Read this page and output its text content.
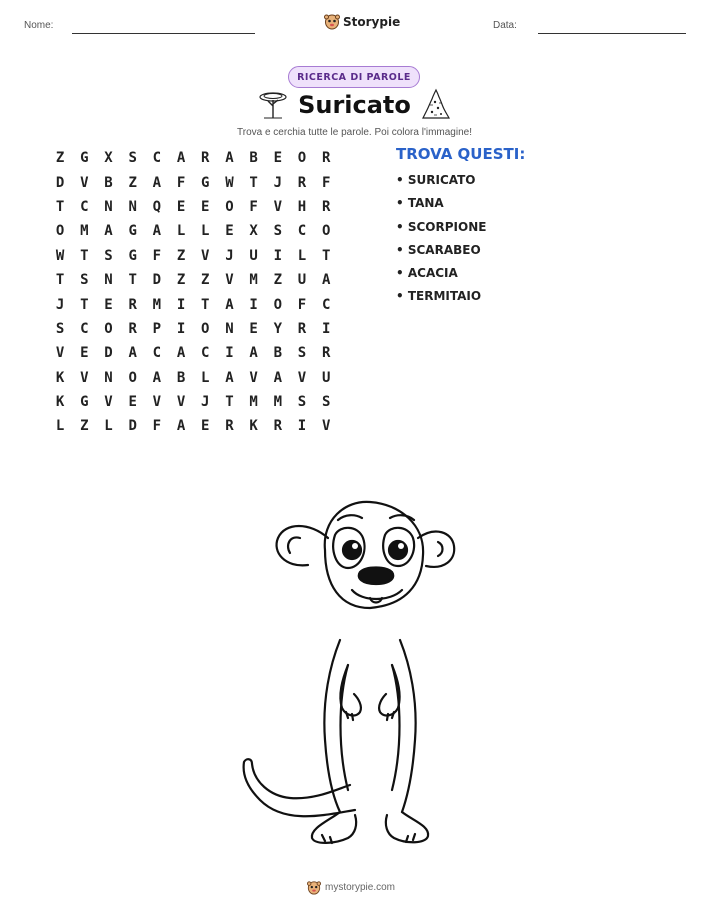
Nome:	Storypie	Data:
RICERCA DI PAROLE
Suricato
Trova e cerchia tutte le parole. Poi colora l'immagine!
Z	G	X	S	C	A	R	A	B	E	O	R
D	V	B	Z	A	F	G	W	T	J	R	F
T	C	N	N	Q	E	E	O	F	V	H	R
O	M	A	G	A	L	L	E	X	S	C	O
W	T	S	G	F	Z	V	J	U	I	L	T
T	S	N	T	D	Z	Z	V	M	Z	U	A
J	T	E	R	M	I	T	A	I	O	F	C
S	C	O	R	P	I	O	N	E	Y	R	I
V	E	D	A	C	A	C	I	A	B	S	R
K	V	N	O	A	B	L	A	V	A	V	U
K	G	V	E	V	V	J	T	M	M	S	S
L	Z	L	D	F	A	E	R	K	R	I	V
TROVA QUESTI:
• SURICATO
• TANA
• SCORPIONE
• SCARABEO
• ACACIA
• TERMITAIO
mystorypie.com
